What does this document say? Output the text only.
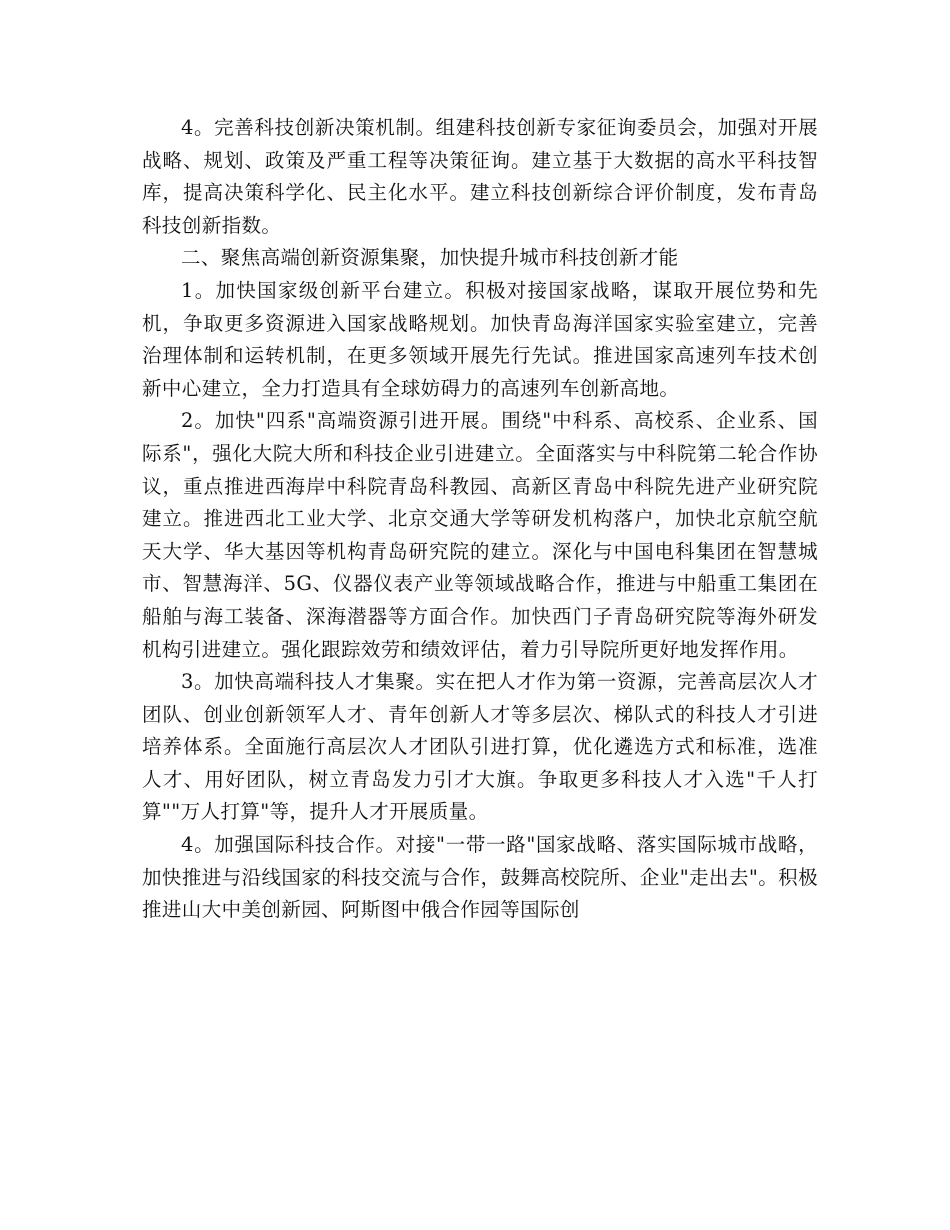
4。完善科技创新决策机制。组建科技创新专家征询委员会，加强对开展战略、规划、政策及严重工程等决策征询。建立基于大数据的高水平科技智库，提高决策科学化、民主化水平。建立科技创新综合评价制度，发布青岛科技创新指数。

二、聚焦高端创新资源集聚，加快提升城市科技创新才能

1。加快国家级创新平台建立。积极对接国家战略，谋取开展位势和先机，争取更多资源进入国家战略规划。加快青岛海洋国家实验室建立，完善治理体制和运转机制，在更多领域开展先行先试。推进国家高速列车技术创新中心建立，全力打造具有全球妨碍力的高速列车创新高地。

2。加快"四系"高端资源引进开展。围绕"中科系、高校系、企业系、国际系"，强化大院大所和科技企业引进建立。全面落实与中科院第二轮合作协议，重点推进西海岸中科院青岛科教园、高新区青岛中科院先进产业研究院建立。推进西北工业大学、北京交通大学等研发机构落户，加快北京航空航天大学、华大基因等机构青岛研究院的建立。深化与中国电科集团在智慧城市、智慧海洋、5G、仪器仪表产业等领域战略合作，推进与中船重工集团在船舶与海工装备、深海潜器等方面合作。加快西门子青岛研究院等海外研发机构引进建立。强化跟踪效劳和绩效评估，着力引导院所更好地发挥作用。

3。加快高端科技人才集聚。实在把人才作为第一资源，完善高层次人才团队、创业创新领军人才、青年创新人才等多层次、梯队式的科技人才引进培养体系。全面施行高层次人才团队引进打算，优化遴选方式和标准，选准人才、用好团队，树立青岛发力引才大旗。争取更多科技人才入选"千人打算""万人打算"等，提升人才开展质量。

4。加强国际科技合作。对接"一带一路"国家战略、落实国际城市战略，加快推进与沿线国家的科技交流与合作，鼓舞高校院所、企业"走出去"。积极推进山大中美创新园、阿斯图中俄合作园等国际创
